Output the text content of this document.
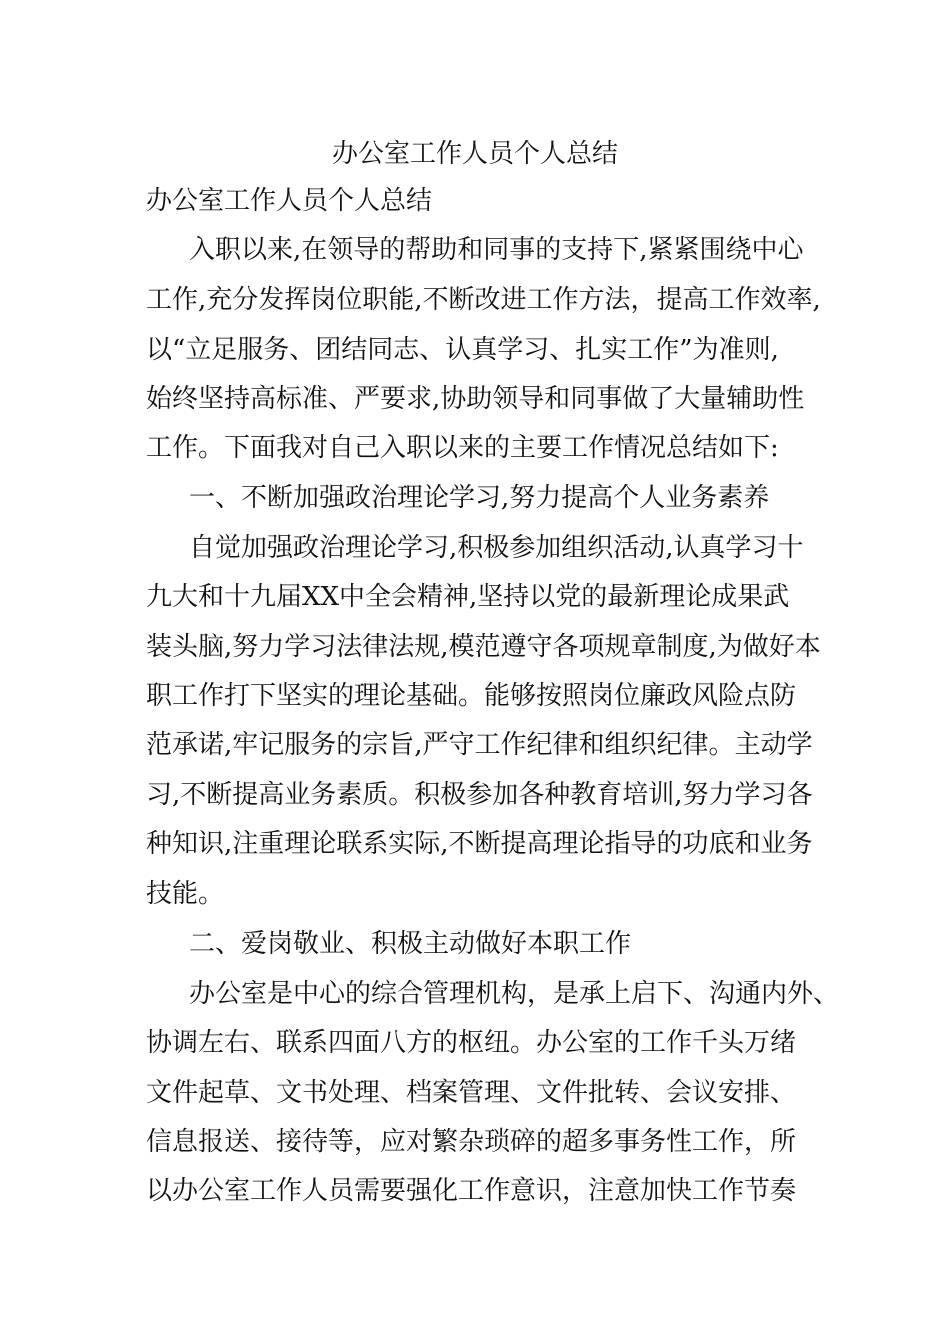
办公室工作人员个人总结
办公室工作人员个人总结
入职以来,在领导的帮助和同事的支持下,紧紧围绕中心
工作,充分发挥岗位职能,不断改进工作方法，提高工作效率,
以“立足服务、团结同志、认真学习、扎实工作”为准则,
始终坚持高标准、严要求,协助领导和同事做了大量辅助性
工作。下面我对自己入职以来的主要工作情况总结如下:
一、不断加强政治理论学习,努力提高个人业务素养
自觉加强政治理论学习,积极参加组织活动,认真学习十
九大和十九届XX中全会精神,坚持以党的最新理论成果武
装头脑,努力学习法律法规,模范遵守各项规章制度,为做好本
职工作打下坚实的理论基础。能够按照岗位廉政风险点防
范承诺,牢记服务的宗旨,严守工作纪律和组织纪律。主动学
习,不断提高业务素质。积极参加各种教育培训,努力学习各
种知识,注重理论联系实际,不断提高理论指导的功底和业务
技能。
二、爱岗敬业、积极主动做好本职工作
办公室是中心的综合管理机构，是承上启下、沟通内外、
协调左右、联系四面八方的枢纽。办公室的工作千头万绪
文件起草、文书处理、档案管理、文件批转、会议安排、
信息报送、接待等，应对繁杂琐碎的超多事务性工作，所
以办公室工作人员需要强化工作意识，注意加快工作节奏
